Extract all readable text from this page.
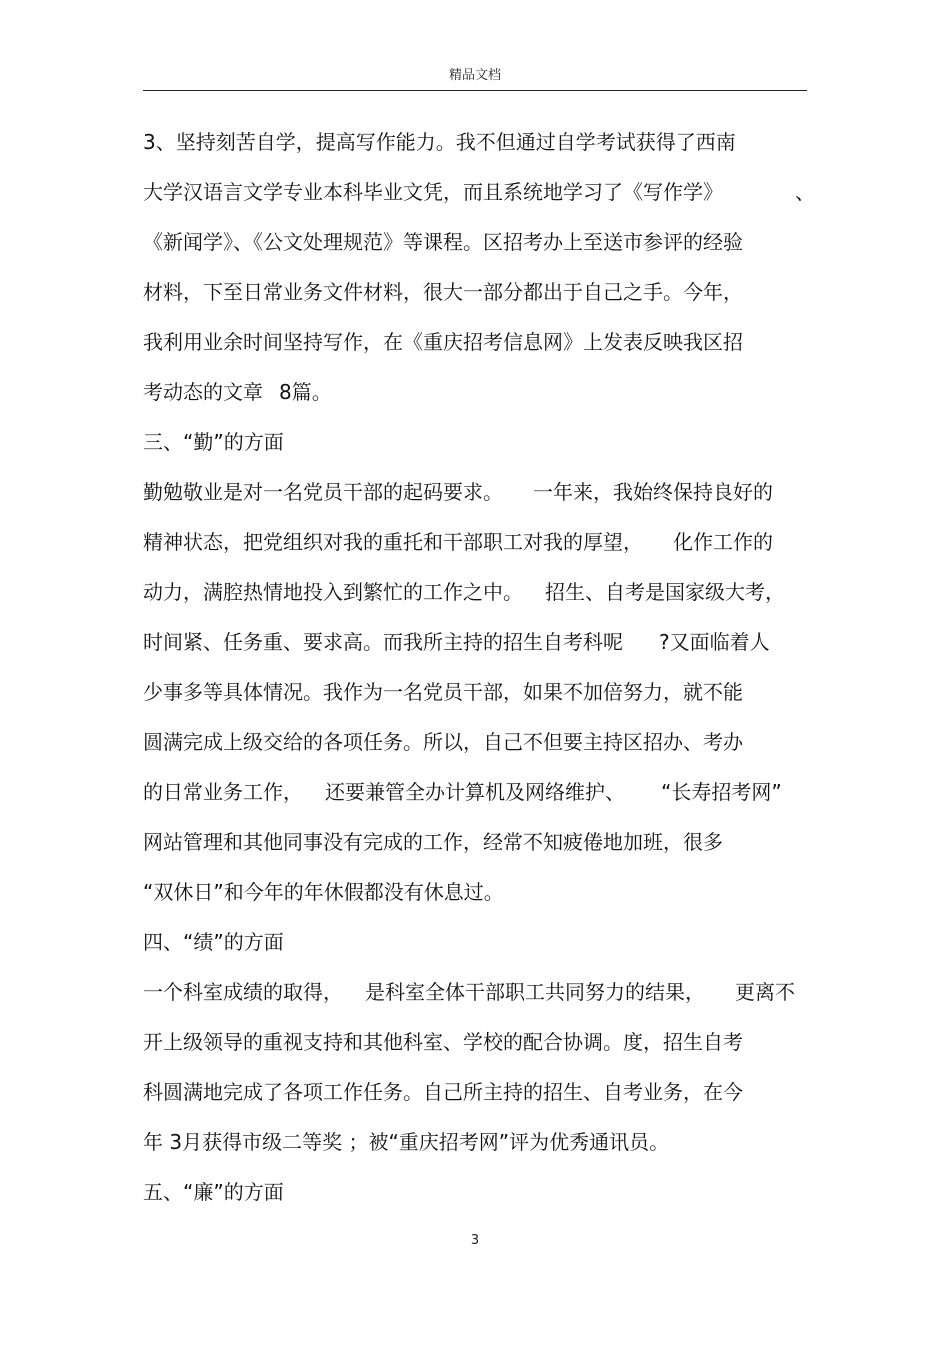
精品文档
3、坚持刻苦自学，提高写作能力。我不但通过自学考试获得了西南
大学汉语言文学专业本科毕业文凭，而且系统地学习了《写作学》	、
《新闻学》、《公文处理规范》等课程。区招考办上至送市参评的经验
材料，下至日常业务文件材料，很大一部分都出于自己之手。今年，
我利用业余时间坚持写作，在《重庆招考信息网》上发表反映我区招
考动态的文章 8篇。
三、“勤”的方面
勤勉敬业是对一名党员干部的起码要求。 一年来，我始终保持良好的
精神状态，把党组织对我的重托和干部职工对我的厚望， 化作工作的
动力，满腔热情地投入到繁忙的工作之中。 招生、自考是国家级大考，
时间紧、任务重、要求高。而我所主持的招生自考科呢 ?又面临着人
少事多等具体情况。我作为一名党员干部，如果不加倍努力，就不能
圆满完成上级交给的各项任务。所以，自己不但要主持区招办、考办
的日常业务工作， 还要兼管全办计算机及网络维护、 “长寿招考网”
网站管理和其他同事没有完成的工作，经常不知疲倦地加班，很多
“双休日”和今年的年休假都没有休息过。
四、“绩”的方面
一个科室成绩的取得， 是科室全体干部职工共同努力的结果， 更离不
开上级领导的重视支持和其他科室、学校的配合协调。度，招生自考
科圆满地完成了各项工作任务。自己所主持的招生、自考业务，在今
年 3月获得市级二等奖 ；被“重庆招考网”评为优秀通讯员。
五、“廉”的方面
3
